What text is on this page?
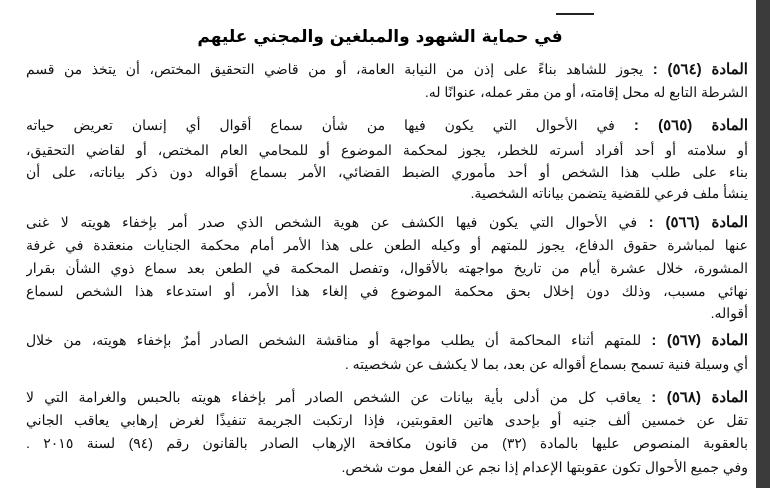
في حماية الشهود والمبلغين والمجني عليهم
المادة (٥٦٤) : يجوز للشاهد بناءً على إذن من النيابة العامة، أو من قاضي التحقيق المختص، أن يتخذ من قسم
الشرطة التابع له محل إقامته، أو من مقر عمله، عنوانًا له.
المادة (٥٦٥) : في الأحوال التي يكون فيها من شأن سماع أقوال أي إنسان تعريض حياته
أو سلامته أو أحد أفراد أسرته للخطر، يجوز لمحكمة الموضوع أو للمحامي العام المختص، أو لقاضي التحقيق،
بناء على طلب هذا الشخص أو أحد مأموري الضبط القضائي، الأمر بسماع أقواله دون ذكر بياناته، على أن
ينشأ ملف فرعي للقضية يتضمن بياناته الشخصية.
المادة (٥٦٦) : في الأحوال التي يكون فيها الكشف عن هوية الشخص الذي صدر أمر بإخفاء هويته لا غنى
عنها لمباشرة حقوق الدفاع، يجوز للمتهم أو وكيله الطعن على هذا الأمر أمام محكمة الجنايات منعقدة في غرفة
المشورة، خلال عشرة أيام من تاريخ مواجهته بالأقوال، وتفصل المحكمة في الطعن بعد سماع ذوي الشأن بقرار
نهائي مسبب، وذلك دون إخلال بحق محكمة الموضوع في إلغاء هذا الأمر، أو استدعاء هذا الشخص لسماع
أقواله.
المادة (٥٦٧) : للمتهم أثناء المحاكمة أن يطلب مواجهة أو مناقشة الشخص الصادر أمرٌ بإخفاء هويته، من خلال
أي وسيلة فنية تسمح بسماع أقواله عن بعد، بما لا يكشف عن شخصيته .
المادة (٥٦٨) : يعاقب كل من أدلى بأية بيانات عن الشخص الصادر أمر بإخفاء هويته بالحبس والغرامة التي لا
تقل عن خمسين ألف جنيه أو بإحدى هاتين العقوبتين، فإذا ارتكبت الجريمة تنفيذًا لغرض إرهابي يعاقب الجاني
بالعقوبة المنصوص عليها بالمادة (٣٢) من قانون مكافحة الإرهاب الصادر بالقانون رقم (٩٤) لسنة ٢٠١٥ .
وفي جميع الأحوال تكون عقوبتها الإعدام إذا نجم عن الفعل موت شخص.
